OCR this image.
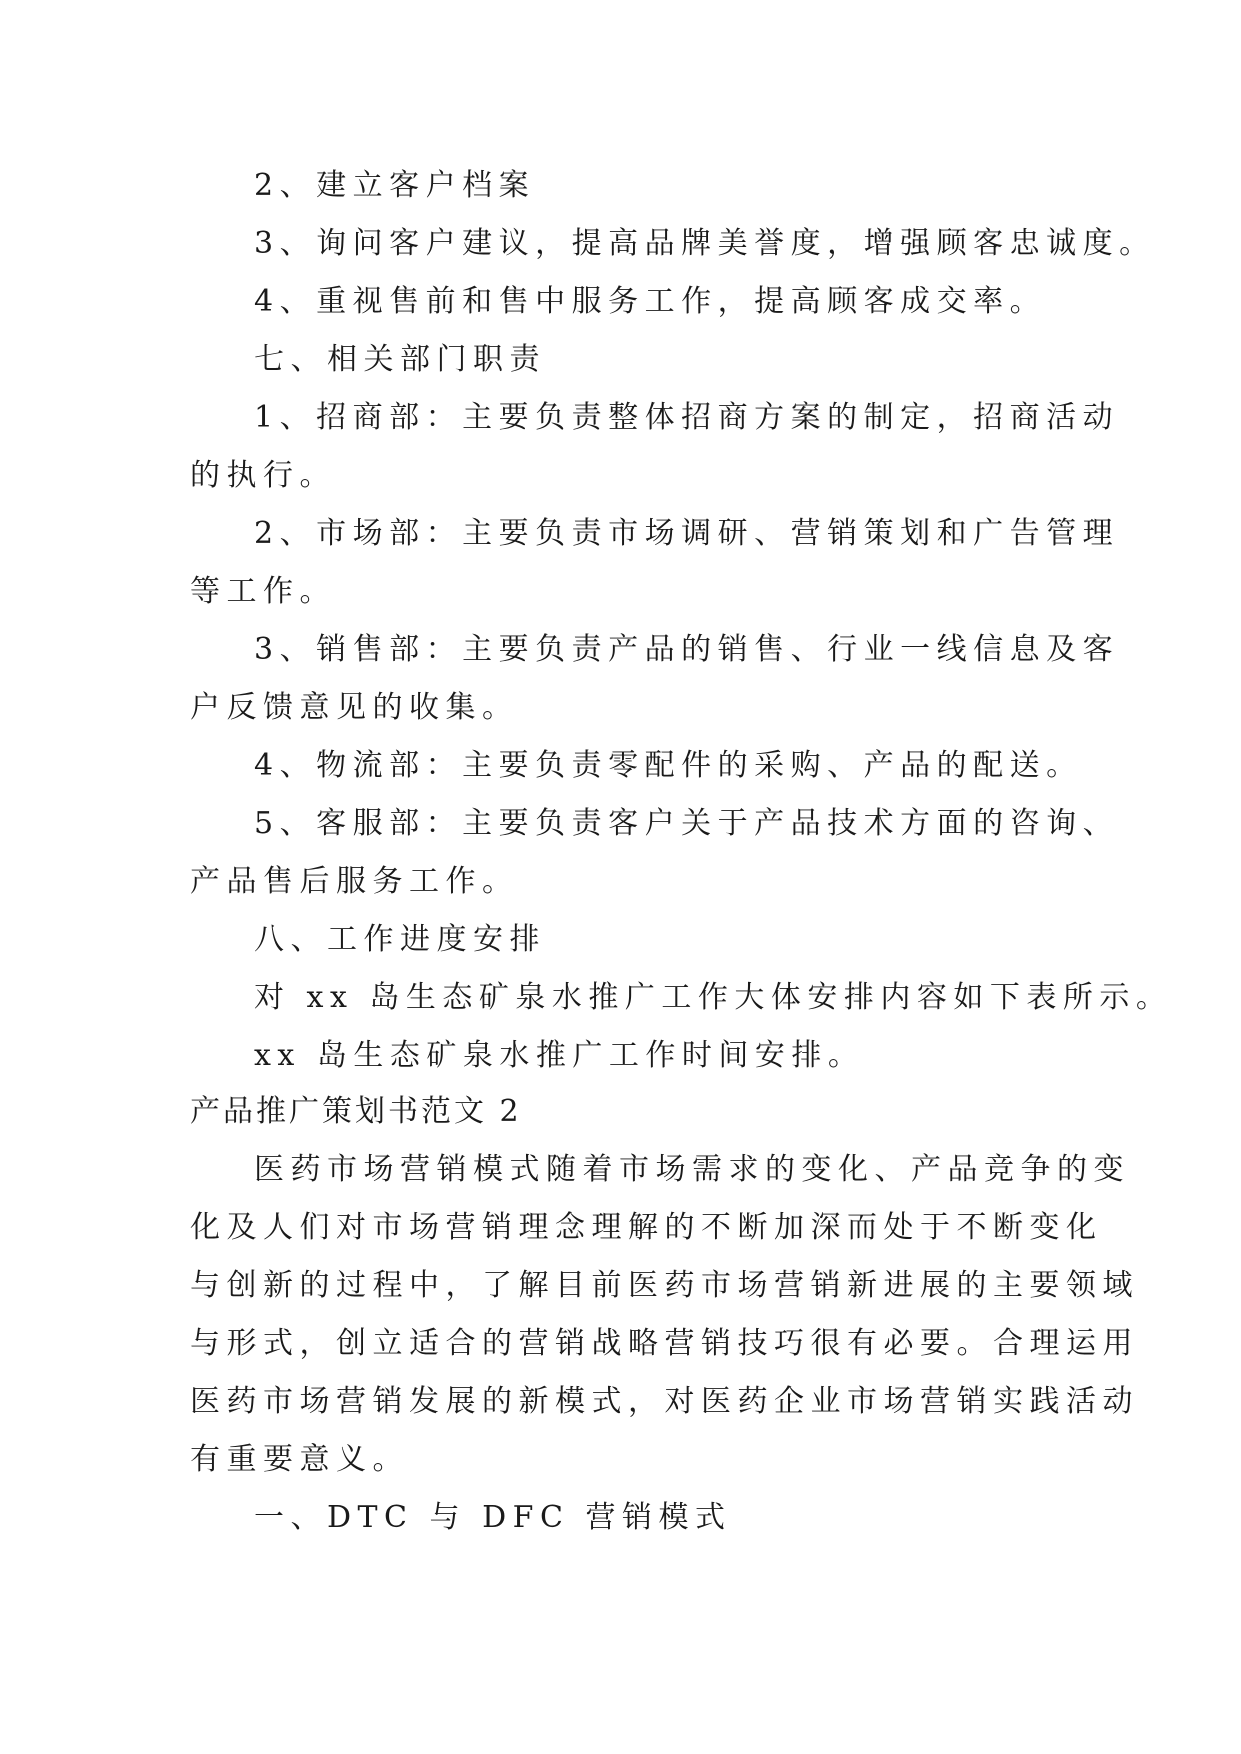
2、建立客户档案
3、询问客户建议，提高品牌美誉度，增强顾客忠诚度。
4、重视售前和售中服务工作，提高顾客成交率。
七、相关部门职责
1、招商部：主要负责整体招商方案的制定，招商活动
的执行。
2、市场部：主要负责市场调研、营销策划和广告管理
等工作。
3、销售部：主要负责产品的销售、行业一线信息及客
户反馈意见的收集。
4、物流部：主要负责零配件的采购、产品的配送。
5、客服部：主要负责客户关于产品技术方面的咨询、
产品售后服务工作。
八、工作进度安排
对 xx 岛生态矿泉水推广工作大体安排内容如下表所示。
xx 岛生态矿泉水推广工作时间安排。
产品推广策划书范文 2
医药市场营销模式随着市场需求的变化、产品竞争的变
化及人们对市场营销理念理解的不断加深而处于不断变化
与创新的过程中，了解目前医药市场营销新进展的主要领域
与形式，创立适合的营销战略营销技巧很有必要。合理运用
医药市场营销发展的新模式，对医药企业市场营销实践活动
有重要意义。
一、DTC 与 DFC 营销模式
